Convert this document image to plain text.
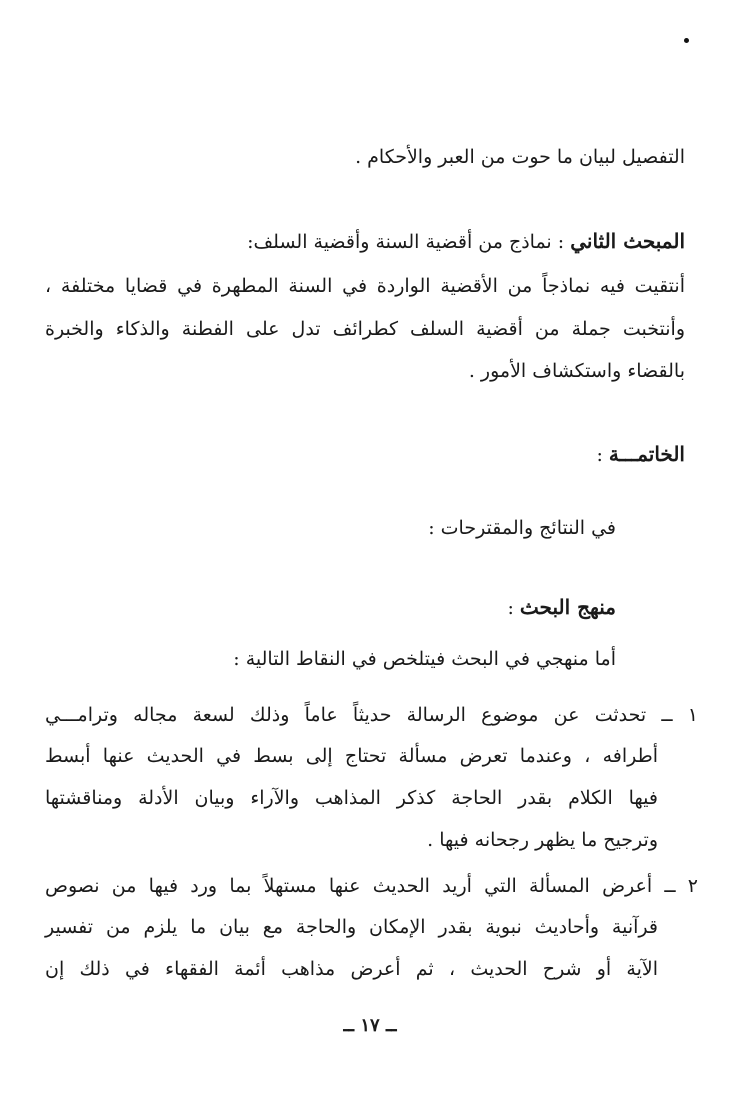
التفصيل لبيان ما حوت من العبر والأحكام .
المبحث الثاني : نماذج من أقضية السنة وأقضية السلف:
أنتقيت فيه نماذجاً من الأقضية الواردة في السنة المطهرة في قضايا مختلفة ،
وأنتخبت جملة من أقضية السلف كطرائف تدل على الفطنة والذكاء والخبرة
بالقضاء واستكشاف الأمور .
الخاتمـــة :
في النتائج والمقترحات :
منهج البحث :
أما منهجي في البحث فيتلخص في النقاط التالية :
١ ــ تحدثت عن موضوع الرسالة حديثاً عاماً وذلك لسعة مجاله وترامـــي
أطرافه ، وعندما تعرض مسألة تحتاج إلى بسط في الحديث عنها أبسط
فيها الكلام بقدر الحاجة كذكر المذاهب والآراء وبيان الأدلة ومناقشتها
وترجيح ما يظهر رجحانه فيها .
٢ ــ أعرض المسألة التي أريد الحديث عنها مستهلاً بما ورد فيها من نصوص
قرآنية وأحاديث نبوية بقدر الإمكان والحاجة مع بيان ما يلزم من تفسير
الآية أو شرح الحديث ، ثم أعرض مذاهب أئمة الفقهاء في ذلك إن
ــ ١٧ ــ
